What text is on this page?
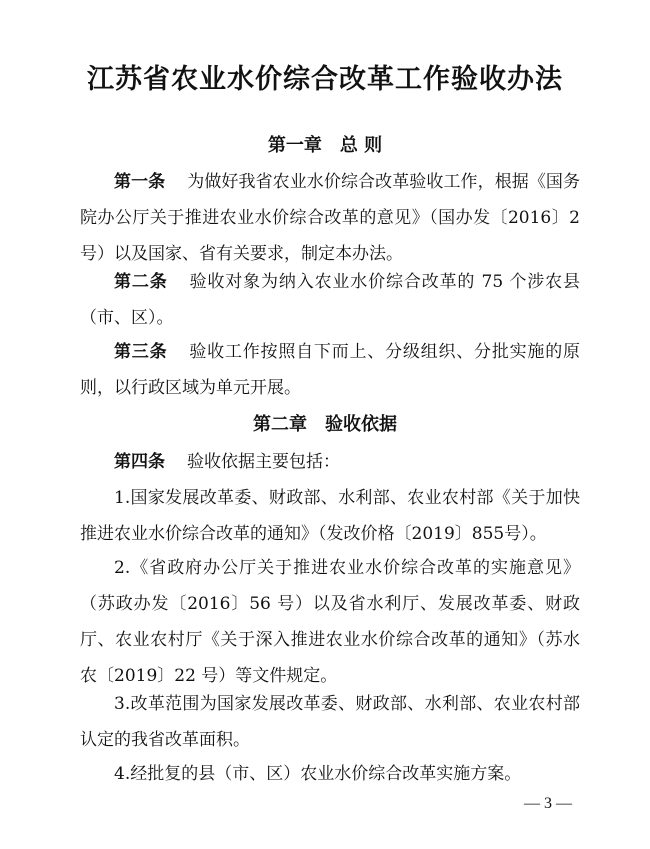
江苏省农业水价综合改革工作验收办法
第一章 总 则
第一条 为做好我省农业水价综合改革验收工作，根据《国务院办公厅关于推进农业水价综合改革的意见》（国办发〔2016〕2号）以及国家、省有关要求，制定本办法。
第二条 验收对象为纳入农业水价综合改革的 75 个涉农县（市、区）。
第三条 验收工作按照自下而上、分级组织、分批实施的原则，以行政区域为单元开展。
第二章 验收依据
第四条 验收依据主要包括：
1.国家发展改革委、财政部、水利部、农业农村部《关于加快推进农业水价综合改革的通知》（发改价格〔2019〕855号）。
2.《省政府办公厅关于推进农业水价综合改革的实施意见》（苏政办发〔2016〕56 号）以及省水利厅、发展改革委、财政厅、农业农村厅《关于深入推进农业水价综合改革的通知》（苏水农〔2019〕22 号）等文件规定。
3.改革范围为国家发展改革委、财政部、水利部、农业农村部认定的我省改革面积。
4.经批复的县（市、区）农业水价综合改革实施方案。
— 3 —
